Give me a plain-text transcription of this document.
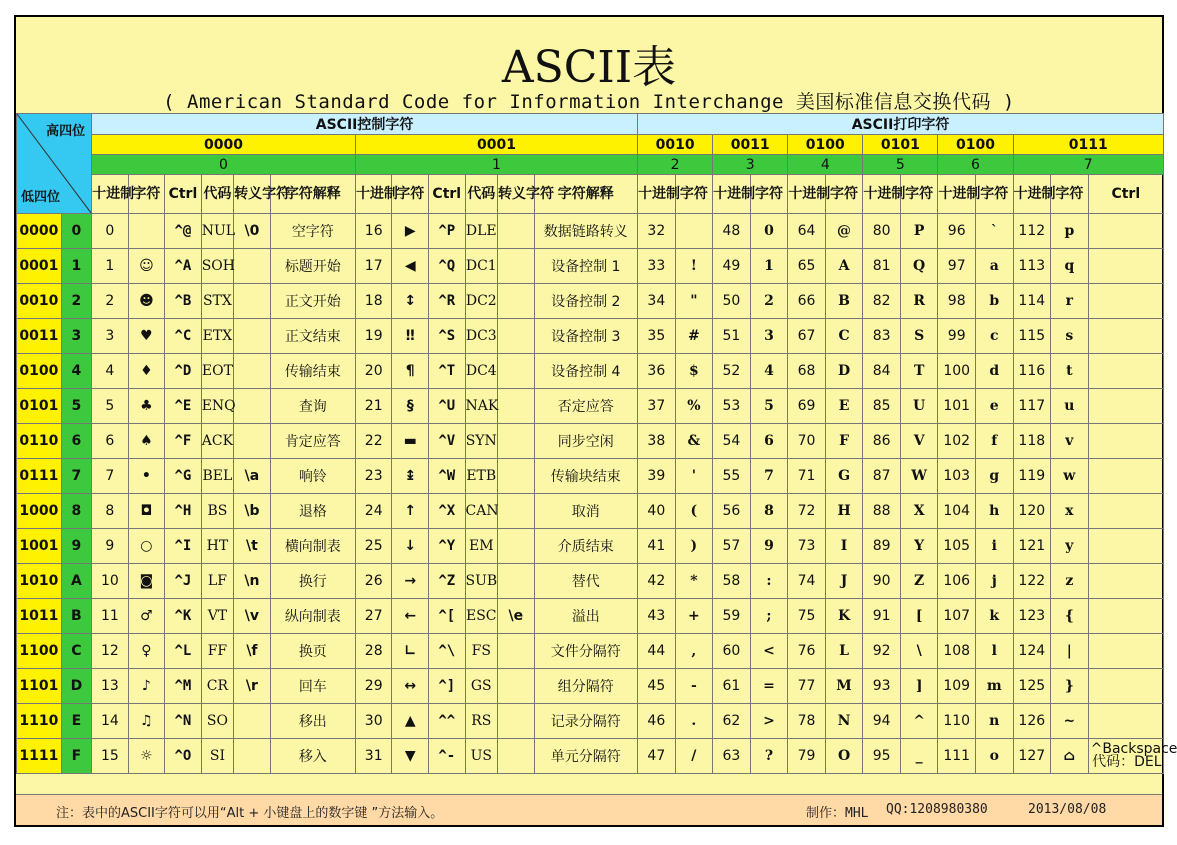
ASCII表
( American Standard Code for Information Interchange 美国标准信息交换代码 )
高四位
低四位		ASCII控制字符												ASCII打印字符												
		0000						0001						0010		0011		0100		0101		0100		0111		
		0						1						2		3		4		5		6		7		
		十进制	字符	Ctrl	代码	转义字符	字符解释	十进制	字符	Ctrl	代码	转义字符	字符解释	十进制	字符	十进制	字符	十进制	字符	十进制	字符	十进制	字符	十进制	字符	Ctrl
0000	0	0		^@	NUL	\0	空字符	16	▶	^P	DLE		数据链路转义	32		48	0	64	@	80	P	96	`	112	p	
0001	1	1	☺	^A	SOH		标题开始	17	◀	^Q	DC1		设备控制 1	33	!	49	1	65	A	81	Q	97	a	113	q	
0010	2	2	☻	^B	STX		正文开始	18	↕	^R	DC2		设备控制 2	34	"	50	2	66	B	82	R	98	b	114	r	
0011	3	3	♥	^C	ETX		正文结束	19	‼	^S	DC3		设备控制 3	35	#	51	3	67	C	83	S	99	c	115	s	
0100	4	4	♦	^D	EOT		传输结束	20	¶	^T	DC4		设备控制 4	36	$	52	4	68	D	84	T	100	d	116	t	
0101	5	5	♣	^E	ENQ		查询	21	§	^U	NAK		否定应答	37	%	53	5	69	E	85	U	101	e	117	u	
0110	6	6	♠	^F	ACK		肯定应答	22	▬	^V	SYN		同步空闲	38	&	54	6	70	F	86	V	102	f	118	v	
0111	7	7	•	^G	BEL	\a	响铃	23	↨	^W	ETB		传输块结束	39	'	55	7	71	G	87	W	103	g	119	w	
1000	8	8	◘	^H	BS	\b	退格	24	↑	^X	CAN		取消	40	(	56	8	72	H	88	X	104	h	120	x	
1001	9	9	○	^I	HT	\t	横向制表	25	↓	^Y	EM		介质结束	41	)	57	9	73	I	89	Y	105	i	121	y	
1010	A	10	◙	^J	LF	\n	换行	26	→	^Z	SUB		替代	42	*	58	:	74	J	90	Z	106	j	122	z	
1011	B	11	♂	^K	VT	\v	纵向制表	27	←	^[	ESC	\e	溢出	43	+	59	;	75	K	91	[	107	k	123	{	
1100	C	12	♀	^L	FF	\f	换页	28	∟	^\	FS		文件分隔符	44	,	60	<	76	L	92	\	108	l	124	|	
1101	D	13	♪	^M	CR	\r	回车	29	↔	^]	GS		组分隔符	45	-	61	=	77	M	93	]	109	m	125	}	
1110	E	14	♫	^N	SO		移出	30	▲	^^	RS		记录分隔符	46	.	62	>	78	N	94	^	110	n	126	~	
1111	F	15	☼	^O	SI		移入	31	▼	^-	US		单元分隔符	47	/	63	?	79	O	95	_	111	o	127	⌂	^Backspace
代码：DEL
注：表中的ASCII字符可以用“Alt + 小键盘上的数字键 ”方法输入。	制作：MHL QQ:1208980380	2013/08/08
